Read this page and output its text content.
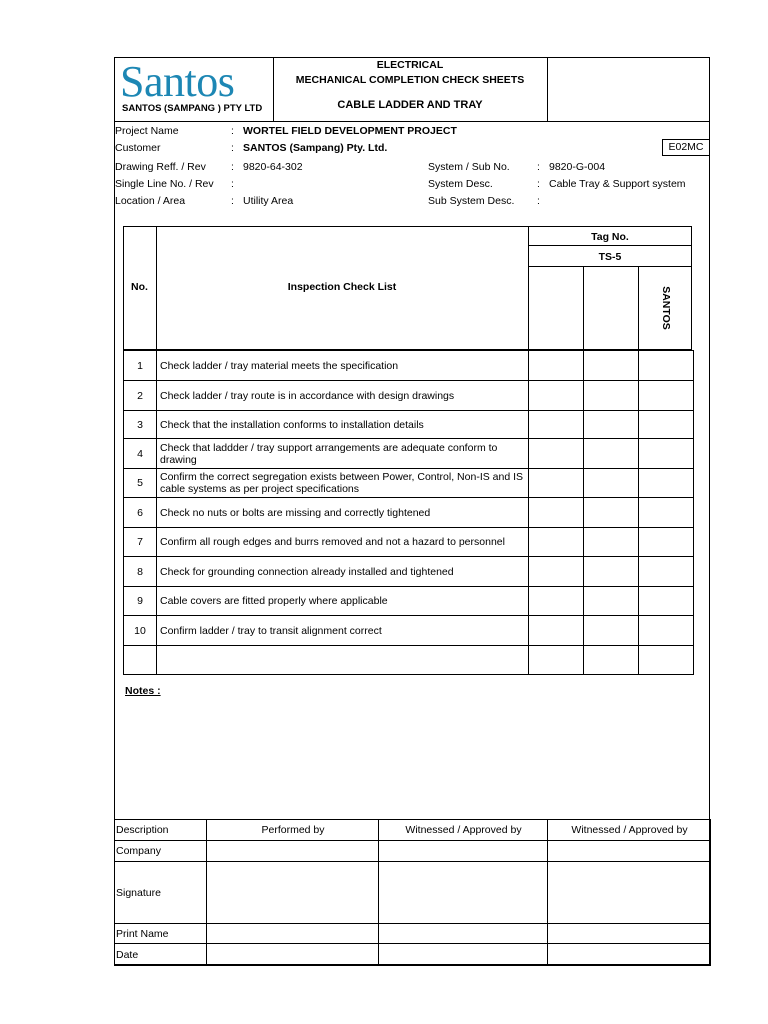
Santos
SANTOS (SAMPANG ) PTY LTD
ELECTRICAL
MECHANICAL COMPLETION CHECK SHEETS
CABLE LADDER AND TRAY
E02MC
Project Name	: WORTEL FIELD DEVELOPMENT PROJECT
Customer	: SANTOS (Sampang) Pty. Ltd.
Drawing Reff. / Rev : 9820-64-302
Single Line No. / Rev :
Location / Area	: Utility Area
System / Sub No.	: 9820-G-004
System Desc.	: Cable Tray & Support system
Sub System Desc. :
No.	Inspection Check List
Tag No.
TS-5
SANTOS
1	Check ladder / tray material meets the specification			
2	Check ladder / tray route is in accordance with design drawings			
3	Check that the installation conforms to installation details			
4	Check that laddder / tray support arrangements are adequate conform to drawing			
5	Confirm the correct segregation exists between Power, Control, Non-IS and IS cable systems as per project specifications			
6	Check no nuts or bolts are missing and correctly tightened			
7	Confirm all rough edges and burrs removed and not a hazard to personnel			
8	Check for grounding connection already installed and tightened			
9	Cable covers are fitted properly where applicable			
10	Confirm ladder / tray to transit alignment correct			

Notes :
Description	Performed by	Witnessed / Approved by	Witnessed / Approved by
Company			
Signature			
Print Name			
Date			
